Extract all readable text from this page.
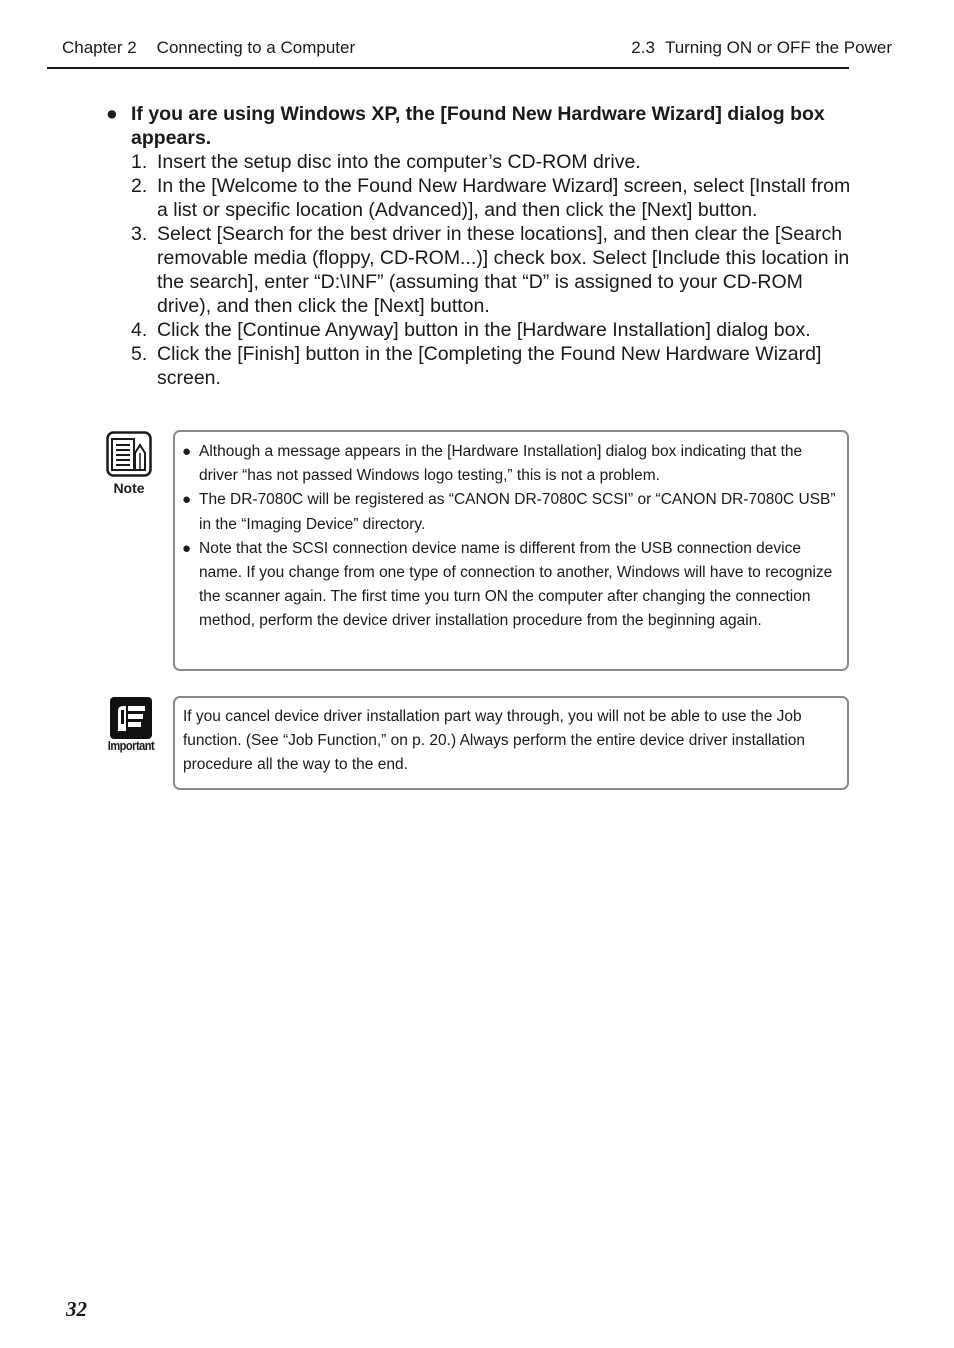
Chapter 2 Connecting to a Computer	2.3 Turning ON or OFF the Power
● If you are using Windows XP, the [Found New Hardware Wizard] dialog box appears.
1. Insert the setup disc into the computer’s CD-ROM drive.
2. In the [Welcome to the Found New Hardware Wizard] screen, select [Install from a list or specific location (Advanced)], and then click the [Next] button.
3. Select [Search for the best driver in these locations], and then clear the [Search removable media (floppy, CD-ROM...)] check box. Select [Include this location in the search], enter “D:\INF” (assuming that “D” is assigned to your CD-ROM drive), and then click the [Next] button.
4. Click the [Continue Anyway] button in the [Hardware Installation] dialog box.
5. Click the [Finish] button in the [Completing the Found New Hardware Wizard] screen.
Note
● Although a message appears in the [Hardware Installation] dialog box indicating that the driver “has not passed Windows logo testing,” this is not a problem.
● The DR-7080C will be registered as “CANON DR-7080C SCSI” or “CANON DR-7080C USB” in the “Imaging Device” directory.
● Note that the SCSI connection device name is different from the USB connection device name. If you change from one type of connection to another, Windows will have to recognize the scanner again. The first time you turn ON the computer after changing the connection method, perform the device driver installation procedure from the beginning again.
Important
If you cancel device driver installation part way through, you will not be able to use the Job function. (See “Job Function,” on p. 20.) Always perform the entire device driver installation procedure all the way to the end.
32
